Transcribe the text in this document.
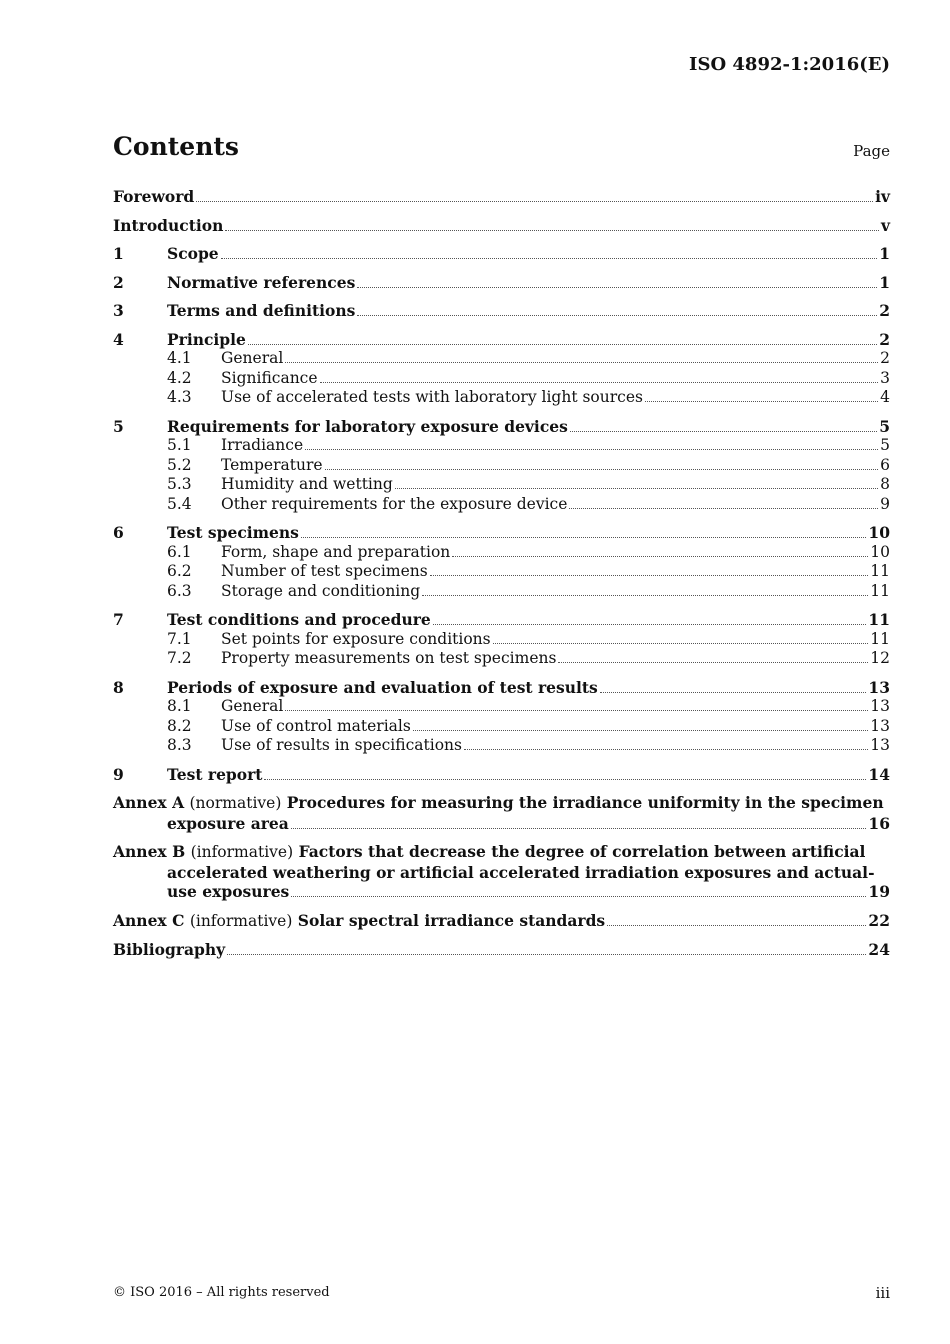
ISO 4892-1:2016(E)
Contents	Page
Foreword	iv
Introduction	v
1	Scope	1
2	Normative references	1
3	Terms and definitions	2
4	Principle	2
4.1	General	2
4.2	Significance	3
4.3	Use of accelerated tests with laboratory light sources	4
5	Requirements for laboratory exposure devices	5
5.1	Irradiance	5
5.2	Temperature	6
5.3	Humidity and wetting	8
5.4	Other requirements for the exposure device	9
6	Test specimens	10
6.1	Form, shape and preparation	10
6.2	Number of test specimens	11
6.3	Storage and conditioning	11
7	Test conditions and procedure	11
7.1	Set points for exposure conditions	11
7.2	Property measurements on test specimens	12
8	Periods of exposure and evaluation of test results	13
8.1	General	13
8.2	Use of control materials	13
8.3	Use of results in specifications	13
9	Test report	14
Annex A (normative) Procedures for measuring the irradiance uniformity in the specimen
exposure area	16
Annex B (informative) Factors that decrease the degree of correlation between artificial
accelerated weathering or artificial accelerated irradiation exposures and actual-
use exposures	19
Annex C (informative) Solar spectral irradiance standards	22
Bibliography	24
© ISO 2016 – All rights reserved	iii
